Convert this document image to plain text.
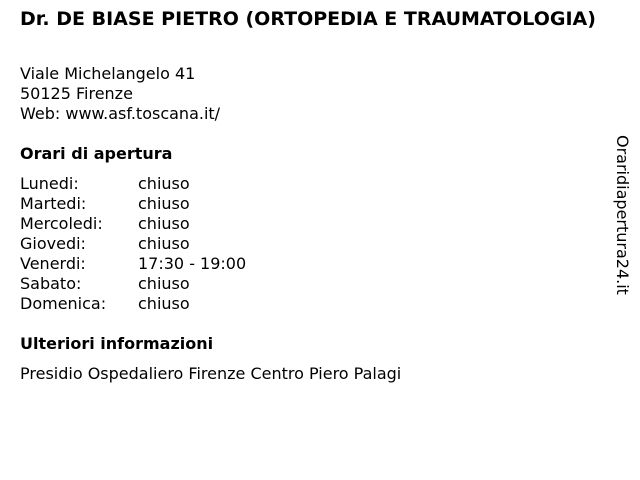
Dr. DE BIASE PIETRO (ORTOPEDIA E TRAUMATOLOGIA)
Viale Michelangelo 41
50125 Firenze
Web: www.asf.toscana.it/
Orari di apertura
Lunedi:	chiuso
Martedi:	chiuso
Mercoledi:	chiuso
Giovedi:	chiuso
Venerdi:	17:30 - 19:00
Sabato:	chiuso
Domenica:	chiuso
Ulteriori informazioni
Presidio Ospedaliero Firenze Centro Piero Palagi
Oraridiapertura24.it
